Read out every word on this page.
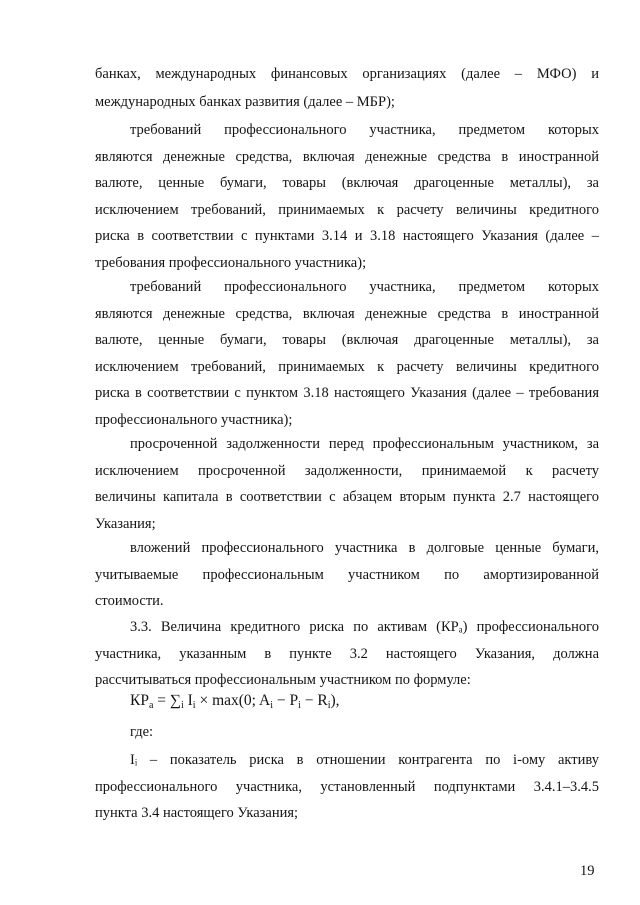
банках, международных финансовых организациях (далее – МФО) и
международных банках развития (далее – МБР);
требований профессионального участника, предметом которых
являются денежные средства, включая денежные средства в иностранной
валюте, ценные бумаги, товары (включая драгоценные металлы), за
исключением требований, принимаемых к расчету величины кредитного
риска в соответствии с пунктами 3.14 и 3.18 настоящего Указания (далее –
требования профессионального участника);
требований профессионального участника, предметом которых
являются денежные средства, включая денежные средства в иностранной
валюте, ценные бумаги, товары (включая драгоценные металлы), за
исключением требований, принимаемых к расчету величины кредитного
риска в соответствии с пунктом 3.18 настоящего Указания (далее – требования
профессионального участника);
просроченной задолженности перед профессиональным участником, за
исключением просроченной задолженности, принимаемой к расчету
величины капитала в соответствии с абзацем вторым пункта 2.7 настоящего
Указания;
вложений профессионального участника в долговые ценные бумаги,
учитываемые профессиональным участником по амортизированной
стоимости.
3.3. Величина кредитного риска по активам (КРₐ) профессионального
участника, указанным в пункте 3.2 настоящего Указания, должна
рассчитываться профессиональным участником по формуле:
где:
Iᵢ – показатель риска в отношении контрагента по i-ому активу
профессионального участника, установленный подпунктами 3.4.1–3.4.5
пункта 3.4 настоящего Указания;
$КР_a = \sum_i$ $I_i \times \max(0$; $A_i - P_i - R_i$),
19
